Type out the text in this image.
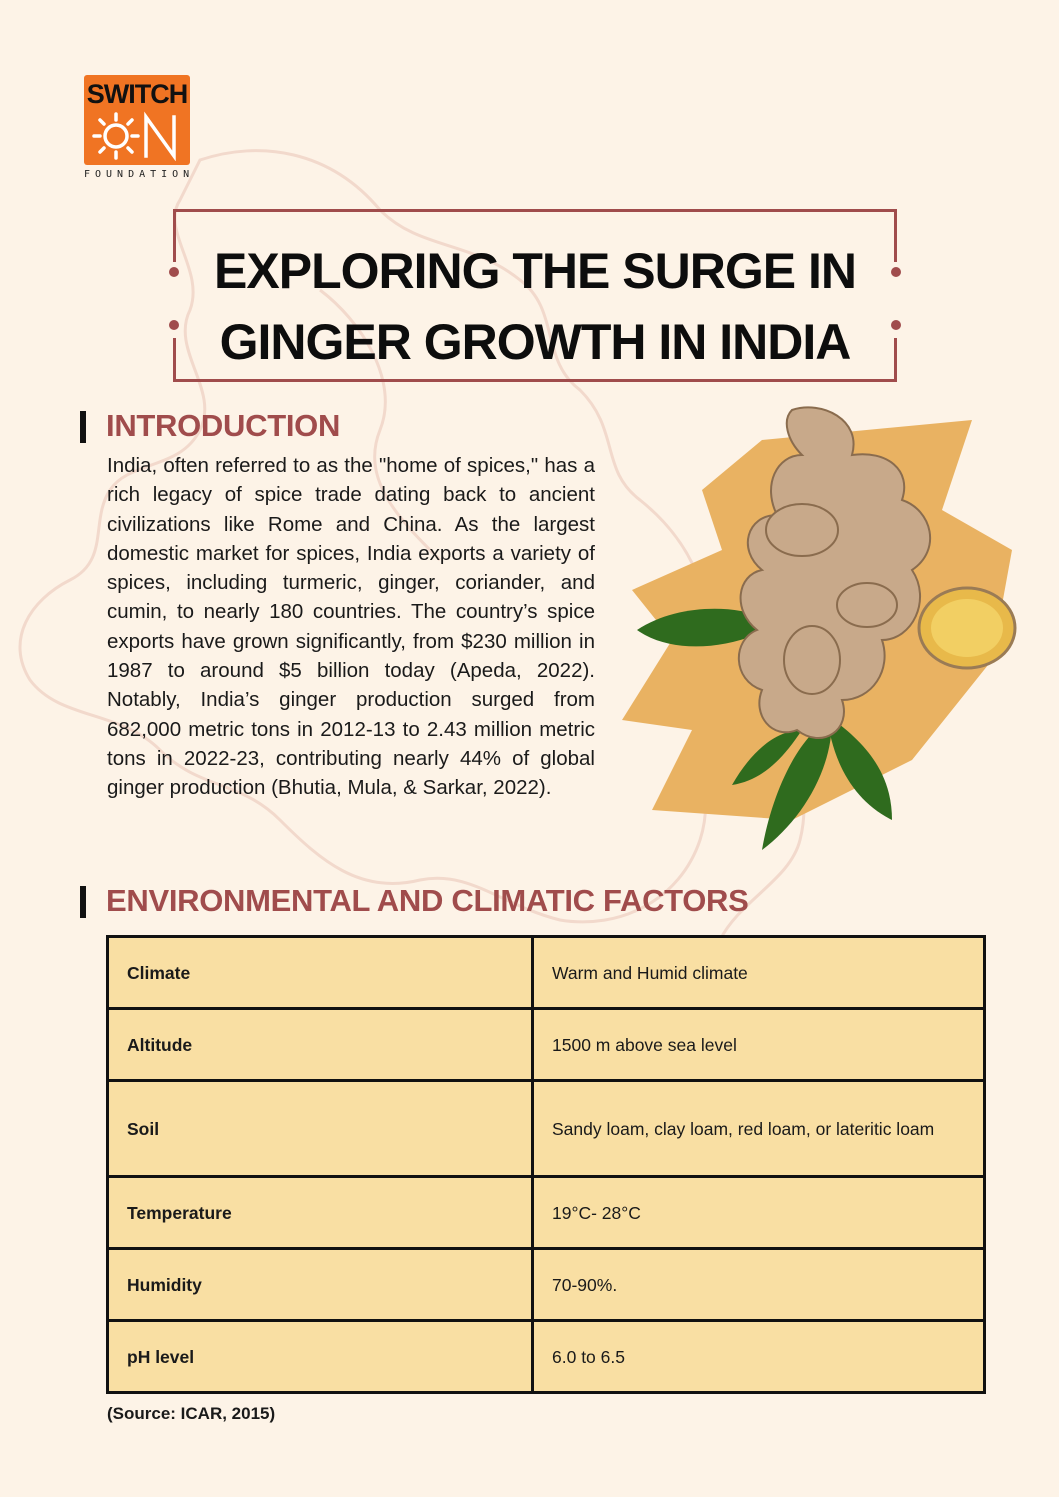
SWITCH
FOUNDATION
EXPLORING THE SURGE IN
GINGER GROWTH IN INDIA
INTRODUCTION
India, often referred to as the "home of spices," has a rich legacy of spice trade dating back to ancient civilizations like Rome and China. As the largest domestic market for spices, India exports a variety of spices, including turmeric, ginger, coriander, and cumin, to nearly 180 countries. The country’s spice exports have grown significantly, from $230 million in 1987 to around $5 billion today (Apeda, 2022). Notably, India’s ginger production surged from 682,000 metric tons in 2012-13 to 2.43 million metric tons in 2022-23, contributing nearly 44% of global ginger production (Bhutia, Mula, & Sarkar, 2022).
ENVIRONMENTAL AND CLIMATIC FACTORS
Climate	Warm and Humid climate
Altitude	1500 m above sea level
Soil	Sandy loam, clay loam, red loam, or lateritic loam
Temperature	19°C- 28°C
Humidity	70-90%.
pH level	6.0 to 6.5
(Source: ICAR, 2015)
